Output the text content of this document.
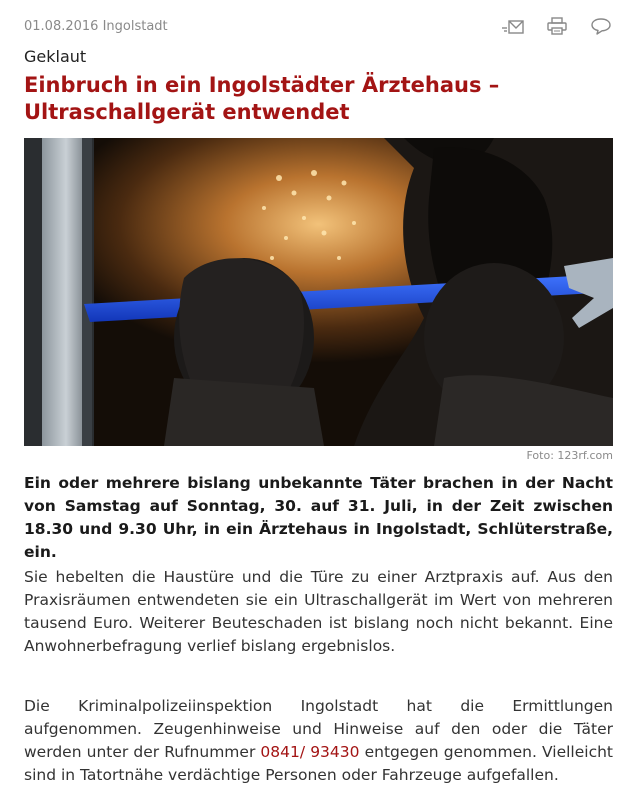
01.08.2016 Ingolstadt
Geklaut
Einbruch in ein Ingolstädter Ärztehaus –
Ultraschallgerät entwendet
Foto: 123rf.com

Ein oder mehrere bislang unbekannte Täter brachen in der Nacht von Samstag auf Sonntag, 30. auf 31. Juli, in der Zeit zwischen 18.30 und 9.30 Uhr, in ein Ärztehaus in Ingolstadt, Schlüterstraße, ein.

Sie hebelten die Haustüre und die Türe zu einer Arztpraxis auf. Aus den Praxisräumen entwendeten sie ein Ultraschallgerät im Wert von mehreren tausend Euro. Weiterer Beuteschaden ist bislang noch nicht bekannt. Eine Anwohnerbefragung verlief bislang ergebnislos.

Die Kriminalpolizeiinspektion Ingolstadt hat die Ermittlungen aufgenommen. Zeugenhinweise und Hinweise auf den oder die Täter werden unter der Rufnummer 0841/ 93430 entgegen genommen. Vielleicht sind in Tatortnähe verdächtige Personen oder Fahrzeuge aufgefallen.
